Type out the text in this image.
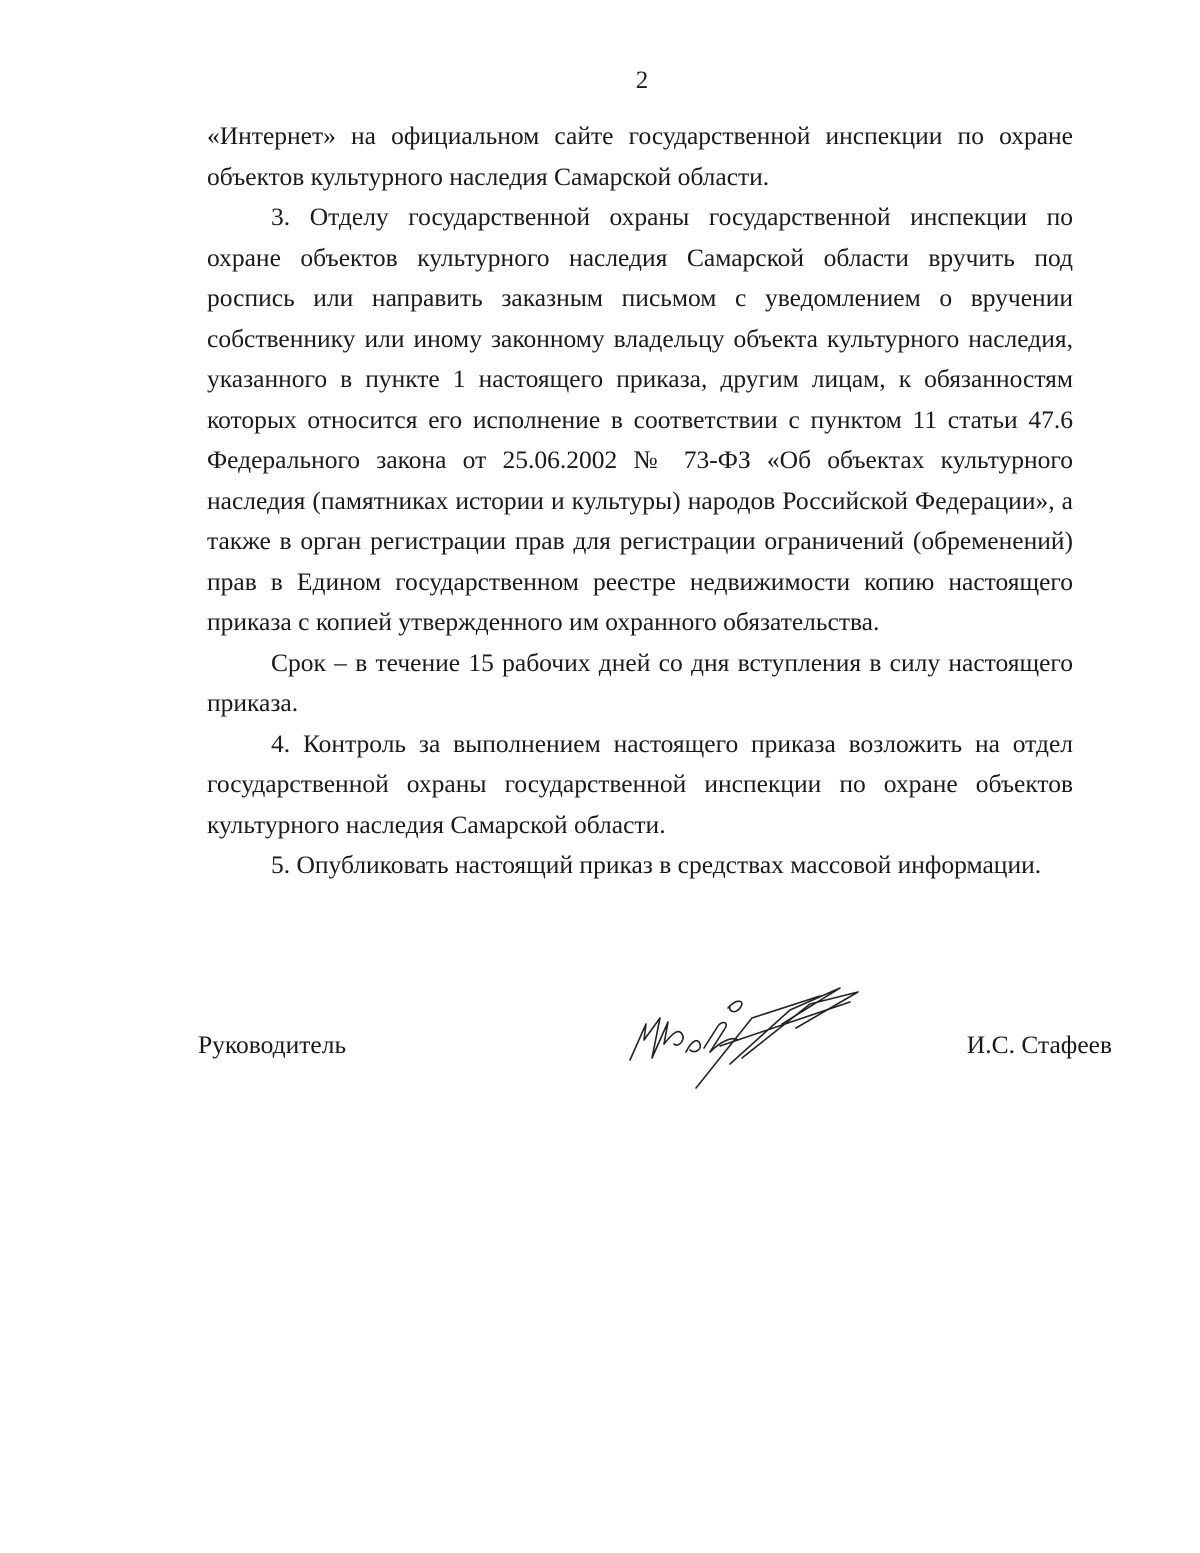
2

«Интернет» на официальном сайте государственной инспекции по охране объектов культурного наследия Самарской области.

3. Отделу государственной охраны государственной инспекции по охране объектов культурного наследия Самарской области вручить под роспись или направить заказным письмом с уведомлением о вручении собственнику или иному законному владельцу объекта культурного наследия, указанного в пункте 1 настоящего приказа, другим лицам, к обязанностям которых относится его исполнение в соответствии с пунктом 11 статьи 47.6 Федерального закона от 25.06.2002 № 73-ФЗ «Об объектах культурного наследия (памятниках истории и культуры) народов Российской Федерации», а также в орган регистрации прав для регистрации ограничений (обременений) прав в Едином государственном реестре недвижимости копию настоящего приказа с копией утвержденного им охранного обязательства.

Срок – в течение 15 рабочих дней со дня вступления в силу настоящего приказа.

4. Контроль за выполнением настоящего приказа возложить на отдел государственной охраны государственной инспекции по охране объектов культурного наследия Самарской области.

5. Опубликовать настоящий приказ в средствах массовой информации.

Руководитель	И.С. Стафеев
